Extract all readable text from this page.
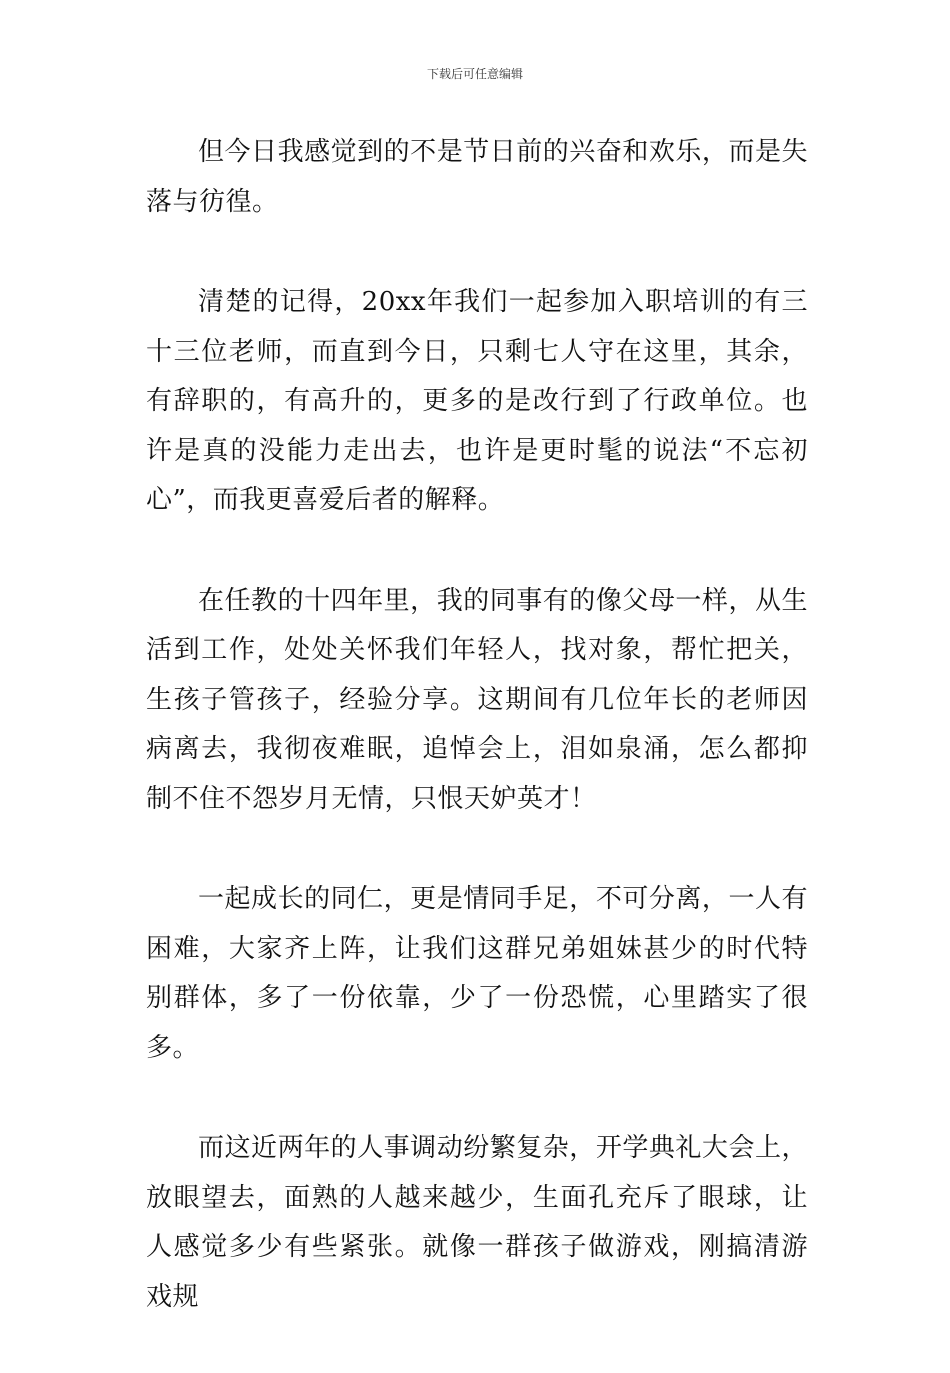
下载后可任意编辑

但今日我感觉到的不是节日前的兴奋和欢乐，而是失落与彷徨。

清楚的记得，20xx年我们一起参加入职培训的有三十三位老师，而直到今日，只剩七人守在这里，其余，有辞职的，有高升的，更多的是改行到了行政单位。也许是真的没能力走出去，也许是更时髦的说法“不忘初心”，而我更喜爱后者的解释。

在任教的十四年里，我的同事有的像父母一样，从生活到工作，处处关怀我们年轻人，找对象，帮忙把关，生孩子管孩子，经验分享。这期间有几位年长的老师因病离去，我彻夜难眠，追悼会上，泪如泉涌，怎么都抑制不住不怨岁月无情，只恨天妒英才！

一起成长的同仁，更是情同手足，不可分离，一人有困难，大家齐上阵，让我们这群兄弟姐妹甚少的时代特别群体，多了一份依靠，少了一份恐慌，心里踏实了很多。

而这近两年的人事调动纷繁复杂，开学典礼大会上，放眼望去，面熟的人越来越少，生面孔充斥了眼球，让人感觉多少有些紧张。就像一群孩子做游戏，刚搞清游戏规
